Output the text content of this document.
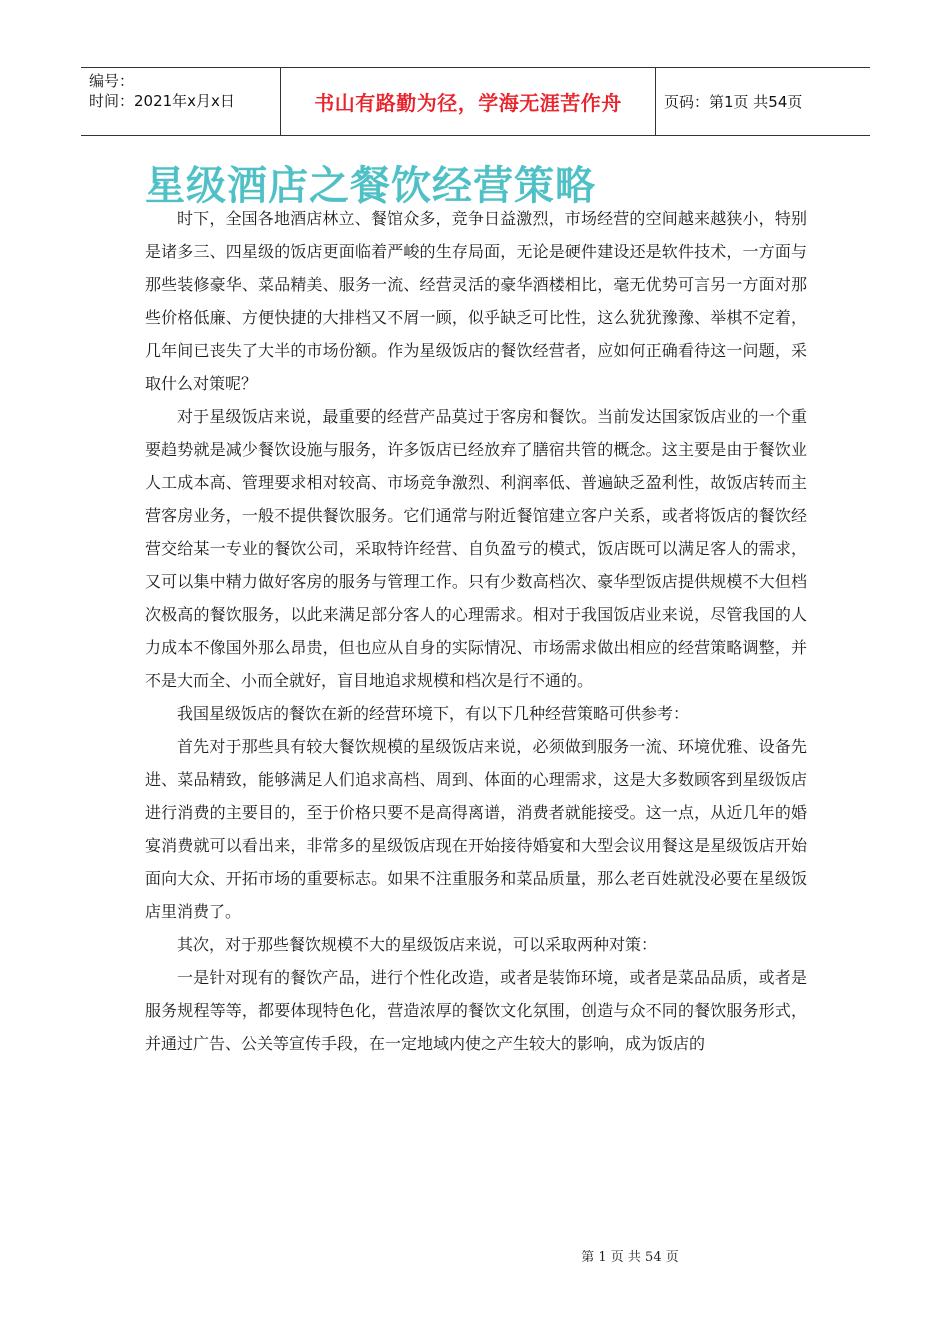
编号：
时间：2021年x月x日	书山有路勤为径，学海无涯苦作舟	页码：第1页 共54页
星级酒店之餐饮经营策略

时下，全国各地酒店林立、餐馆众多，竞争日益激烈，市场经营的空间越来越狭小，特别是诸多三、四星级的饭店更面临着严峻的生存局面，无论是硬件建设还是软件技术，一方面与那些装修豪华、菜品精美、服务一流、经营灵活的豪华酒楼相比，毫无优势可言另一方面对那些价格低廉、方便快捷的大排档又不屑一顾，似乎缺乏可比性，这么犹犹豫豫、举棋不定着，几年间已丧失了大半的市场份额。作为星级饭店的餐饮经营者，应如何正确看待这一问题，采取什么对策呢？

对于星级饭店来说，最重要的经营产品莫过于客房和餐饮。当前发达国家饭店业的一个重要趋势就是减少餐饮设施与服务，许多饭店已经放弃了膳宿共管的概念。这主要是由于餐饮业人工成本高、管理要求相对较高、市场竞争激烈、利润率低、普遍缺乏盈利性，故饭店转而主营客房业务，一般不提供餐饮服务。它们通常与附近餐馆建立客户关系，或者将饭店的餐饮经营交给某一专业的餐饮公司，采取特许经营、自负盈亏的模式，饭店既可以满足客人的需求，又可以集中精力做好客房的服务与管理工作。只有少数高档次、豪华型饭店提供规模不大但档次极高的餐饮服务，以此来满足部分客人的心理需求。相对于我国饭店业来说，尽管我国的人力成本不像国外那么昂贵，但也应从自身的实际情况、市场需求做出相应的经营策略调整，并不是大而全、小而全就好，盲目地追求规模和档次是行不通的。

我国星级饭店的餐饮在新的经营环境下，有以下几种经营策略可供参考：

首先对于那些具有较大餐饮规模的星级饭店来说，必须做到服务一流、环境优雅、设备先进、菜品精致，能够满足人们追求高档、周到、体面的心理需求，这是大多数顾客到星级饭店进行消费的主要目的，至于价格只要不是高得离谱，消费者就能接受。这一点，从近几年的婚宴消费就可以看出来，非常多的星级饭店现在开始接待婚宴和大型会议用餐这是星级饭店开始面向大众、开拓市场的重要标志。如果不注重服务和菜品质量，那么老百姓就没必要在星级饭店里消费了。

其次，对于那些餐饮规模不大的星级饭店来说，可以采取两种对策：

一是针对现有的餐饮产品，进行个性化改造，或者是装饰环境，或者是菜品品质，或者是服务规程等等，都要体现特色化，营造浓厚的餐饮文化氛围，创造与众不同的餐饮服务形式，并通过广告、公关等宣传手段，在一定地域内使之产生较大的影响，成为饭店的

第 1 页 共 54 页
